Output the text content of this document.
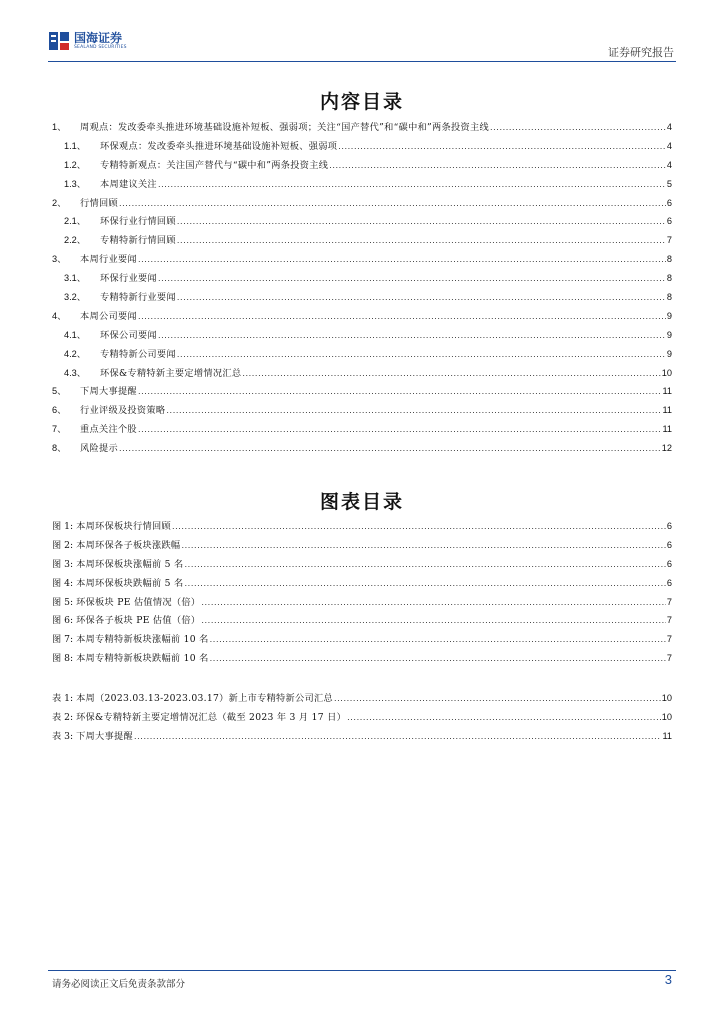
国海证券
SEALAND SECURITIES	证券研究报告
内容目录
1、	周观点：发改委牵头推进环境基础设施补短板、强弱项；关注“国产替代”和“碳中和”两条投资主线 .....	4
1.1、	环保观点：发改委牵头推进环境基础设施补短板、强弱项 .....	4
1.2、	专精特新观点：关注国产替代与“碳中和”两条投资主线 .....	4
1.3、	本周建议关注 .....	5
2、	行情回顾 .....	6
2.1、	环保行业行情回顾 .....	6
2.2、	专精特新行情回顾 .....	7
3、	本周行业要闻 .....	8
3.1、	环保行业要闻 .....	8
3.2、	专精特新行业要闻 .....	8
4、	本周公司要闻 .....	9
4.1、	环保公司要闻 .....	9
4.2、	专精特新公司要闻 .....	9
4.3、	环保&专精特新主要定增情况汇总 .....	10
5、	下周大事提醒 .....	11
6、	行业评级及投资策略 .....	11
7、	重点关注个股 .....	11
8、	风险提示 .....	12
图表目录
图 1: 本周环保板块行情回顾 .....	6
图 2: 本周环保各子板块涨跌幅 .....	6
图 3: 本周环保板块涨幅前 5 名 .....	6
图 4: 本周环保板块跌幅前 5 名 .....	6
图 5: 环保板块 PE 估值情况（倍） .....	7
图 6: 环保各子板块 PE 估值（倍） .....	7
图 7: 本周专精特新板块涨幅前 10 名 .....	7
图 8: 本周专精特新板块跌幅前 10 名 .....	7
表 1: 本周（2023.03.13-2023.03.17）新上市专精特新公司汇总 .....	10
表 2: 环保&专精特新主要定增情况汇总（截至 2023 年 3 月 17 日） .....	10
表 3: 下周大事提醒 .....	11
请务必阅读正文后免责条款部分	3
